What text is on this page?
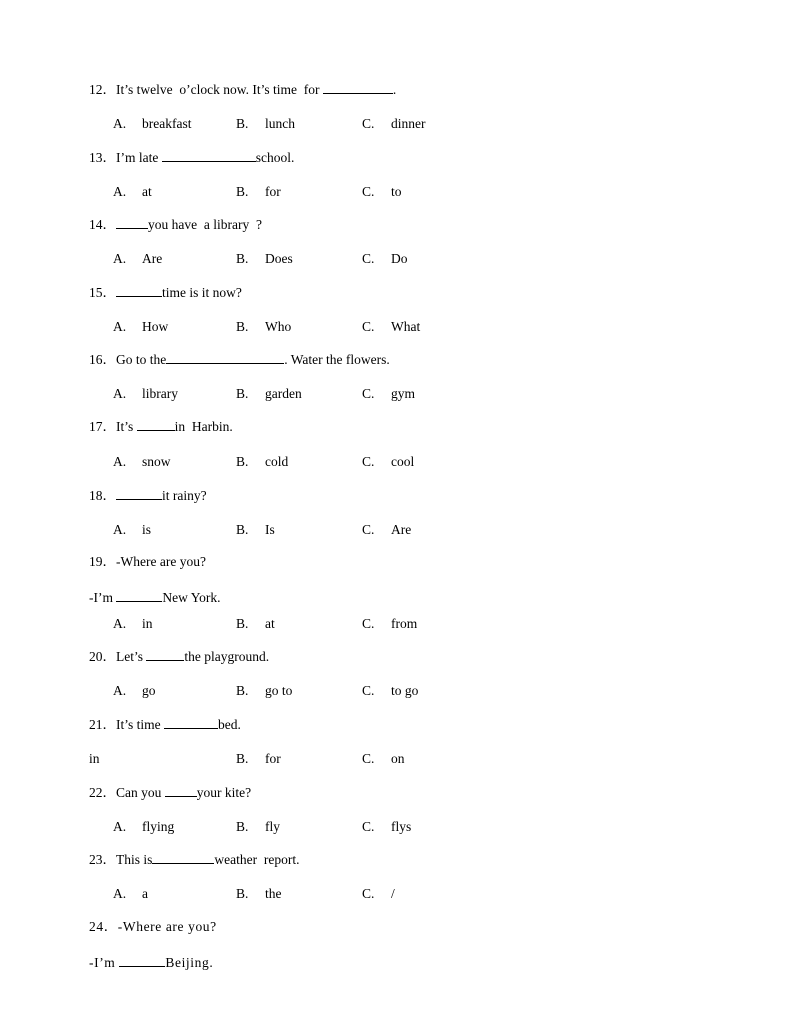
12．It’s twelve  o’clock now. It’s time  for	.
A. breakfast	B. lunch	C. dinner
13．I’m late	school.
A. at	B. for	C. to
14． you have  a library  ?
A. Are	B. Does	C. Do
15．	time is it now?
A. How	B. Who	C. What
16．Go to the	. Water the flowers.
A. library	B. garden	C. gym
17．It’s	in  Harbin.
A. snow	B. cold	C. cool
18．	it rainy?
A. is	B. Is	C. Are
19．-Where are you?
-I’m	New York.
A. in	B. at	C. from
20．Let’s	the playground.
A. go	B. go to	C. to go
21．It’s time	bed.
in	B. for	C. on
22．Can you your kite?
A. flying	B. fly	C. flys
23．This is	weather  report.
A. a	B. the	C. /
24．-Where are you?
-I’m	Beijing.
